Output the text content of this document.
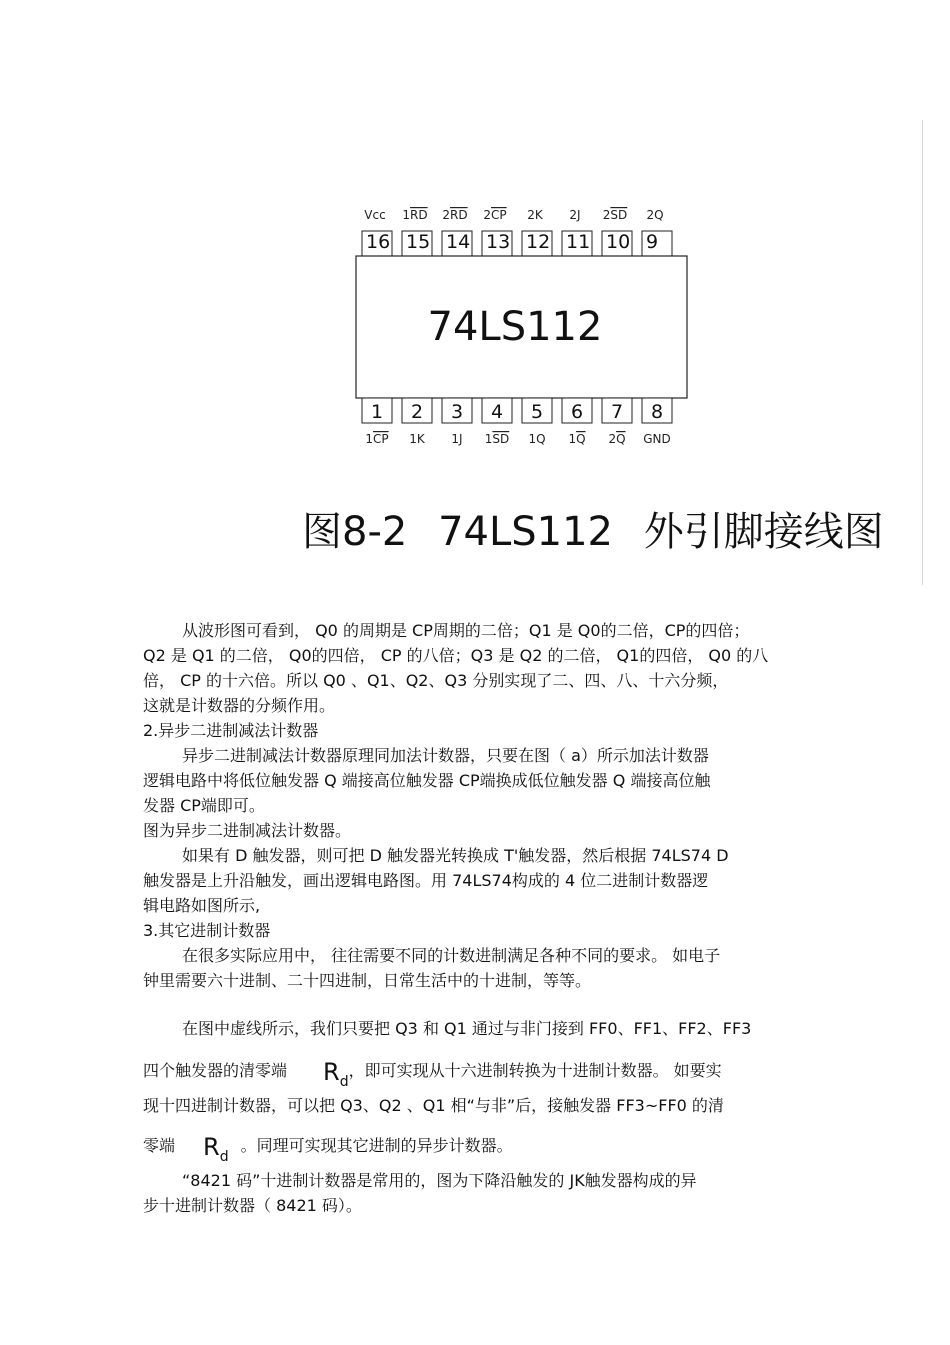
Vcc 1RD 2RD 2CP 2K 2J 2SD 2Q
16 15 14 13 12 11 10 9
74LS112
1 2 3 4 5 6 7 8
1CP 1K 1J 1SD 1Q 1Q 2Q GND
图8-2 74LS112 外引脚接线图

从波形图可看到， Q0 的周期是 CP周期的二倍；Q1 是 Q0的二倍，CP的四倍；

Q2 是 Q1 的二倍， Q0的四倍， CP 的八倍；Q3 是 Q2 的二倍， Q1的四倍， Q0 的八

倍， CP 的十六倍。所以 Q0 、Q1、Q2、Q3 分别实现了二、四、八、十六分频，

这就是计数器的分频作用。

2.异步二进制减法计数器

异步二进制减法计数器原理同加法计数器，只要在图（ a）所示加法计数器

逻辑电路中将低位触发器 Q 端接高位触发器 CP端换成低位触发器 Q 端接高位触

发器 CP端即可。

图为异步二进制减法计数器。

如果有 D 触发器，则可把 D 触发器光转换成 T'触发器，然后根据 74LS74 D

触发器是上升沿触发，画出逻辑电路图。用 74LS74构成的 4 位二进制计数器逻

辑电路如图所示,

3.其它进制计数器

在很多实际应用中， 往往需要不同的计数进制满足各种不同的要求。 如电子

钟里需要六十进制、二十四进制，日常生活中的十进制，等等。

在图中虚线所示，我们只要把 Q3 和 Q1 通过与非门接到 FF0、FF1、FF2、FF3

四个触发器的清零端 $R_d$，即可实现从十六进制转换为十进制计数器。 如要实

现十四进制计数器，可以把 Q3、Q2 、Q1 相“与非”后，接触发器 FF3~FF0 的清

零端 $R_d$。同理可实现其它进制的异步计数器。

“8421 码”十进制计数器是常用的，图为下降沿触发的 JK触发器构成的异

步十进制计数器（ 8421 码）。
